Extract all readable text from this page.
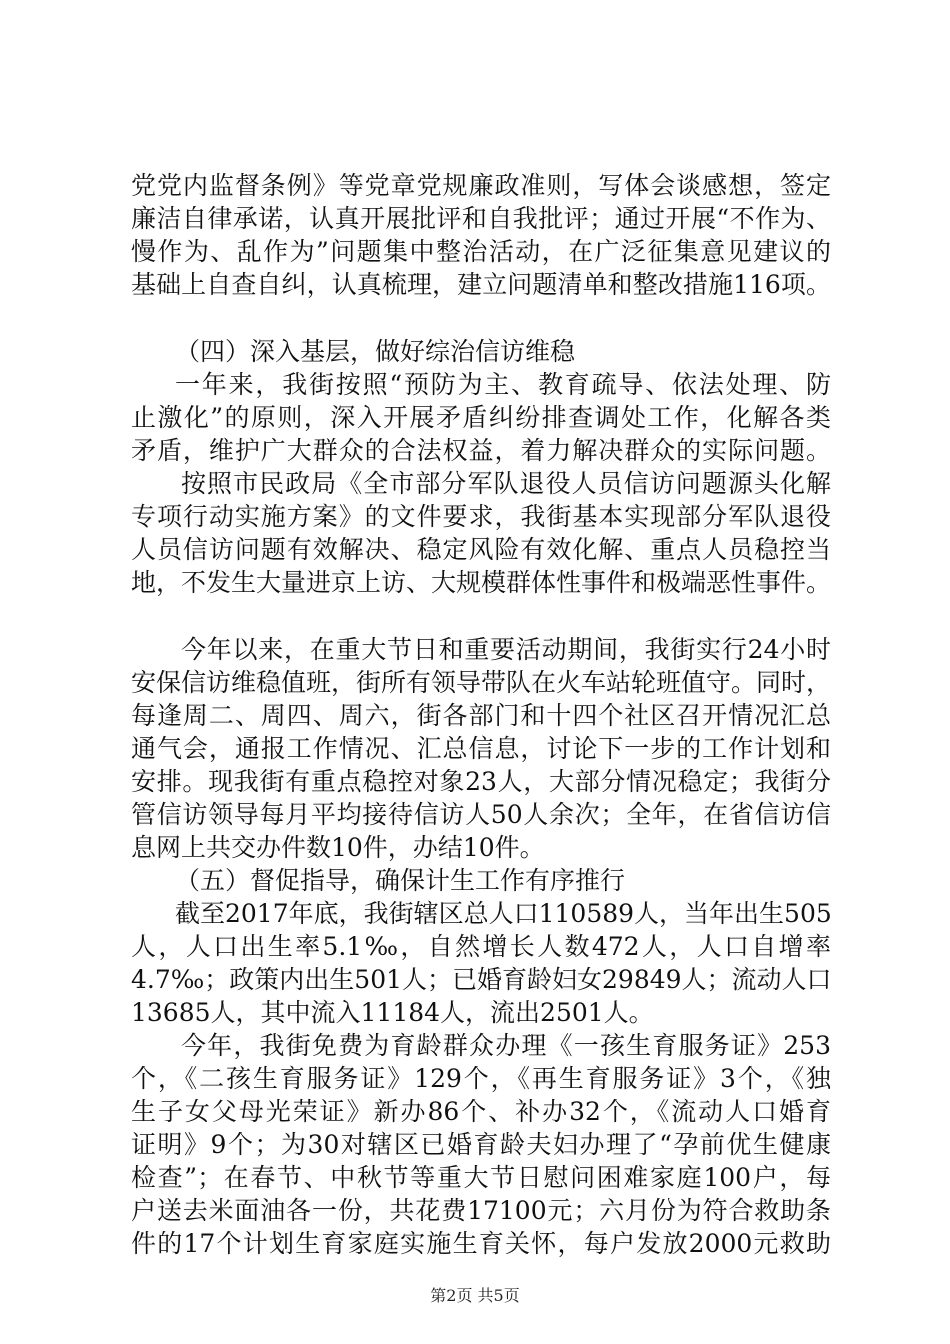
党党内监督条例》等党章党规廉政准则，写体会谈感想，签定
廉洁自律承诺，认真开展批评和自我批评；通过开展“不作为、
慢作为、乱作为”问题集中整治活动，在广泛征集意见建议的
基础上自查自纠，认真梳理，建立问题清单和整改措施116项。
（四）深入基层，做好综治信访维稳
一年来，我街按照“预防为主、教育疏导、依法处理、防
止激化”的原则，深入开展矛盾纠纷排查调处工作，化解各类
矛盾，维护广大群众的合法权益，着力解决群众的实际问题。
按照市民政局《全市部分军队退役人员信访问题源头化解
专项行动实施方案》的文件要求，我街基本实现部分军队退役
人员信访问题有效解决、稳定风险有效化解、重点人员稳控当
地，不发生大量进京上访、大规模群体性事件和极端恶性事件。
今年以来，在重大节日和重要活动期间，我街实行24小时
安保信访维稳值班，街所有领导带队在火车站轮班值守。同时，
每逢周二、周四、周六，街各部门和十四个社区召开情况汇总
通气会，通报工作情况、汇总信息，讨论下一步的工作计划和
安排。现我街有重点稳控对象23人，大部分情况稳定；我街分
管信访领导每月平均接待信访人50人余次；全年，在省信访信
息网上共交办件数10件，办结10件。
（五）督促指导，确保计生工作有序推行
截至2017年底，我街辖区总人口110589人，当年出生505
人，人口出生率5.1‰，自然增长人数472人，人口自增率
4.7‰；政策内出生501人；已婚育龄妇女29849人；流动人口
13685人，其中流入11184人，流出2501人。
今年，我街免费为育龄群众办理《一孩生育服务证》253
个，《二孩生育服务证》129个，《再生育服务证》3个，《独
生子女父母光荣证》新办86个、补办32个，《流动人口婚育
证明》9个；为30对辖区已婚育龄夫妇办理了“孕前优生健康
检查”；在春节、中秋节等重大节日慰问困难家庭100户，每
户送去米面油各一份，共花费17100元；六月份为符合救助条
件的17个计划生育家庭实施生育关怀，每户发放2000元救助
第2页 共5页
